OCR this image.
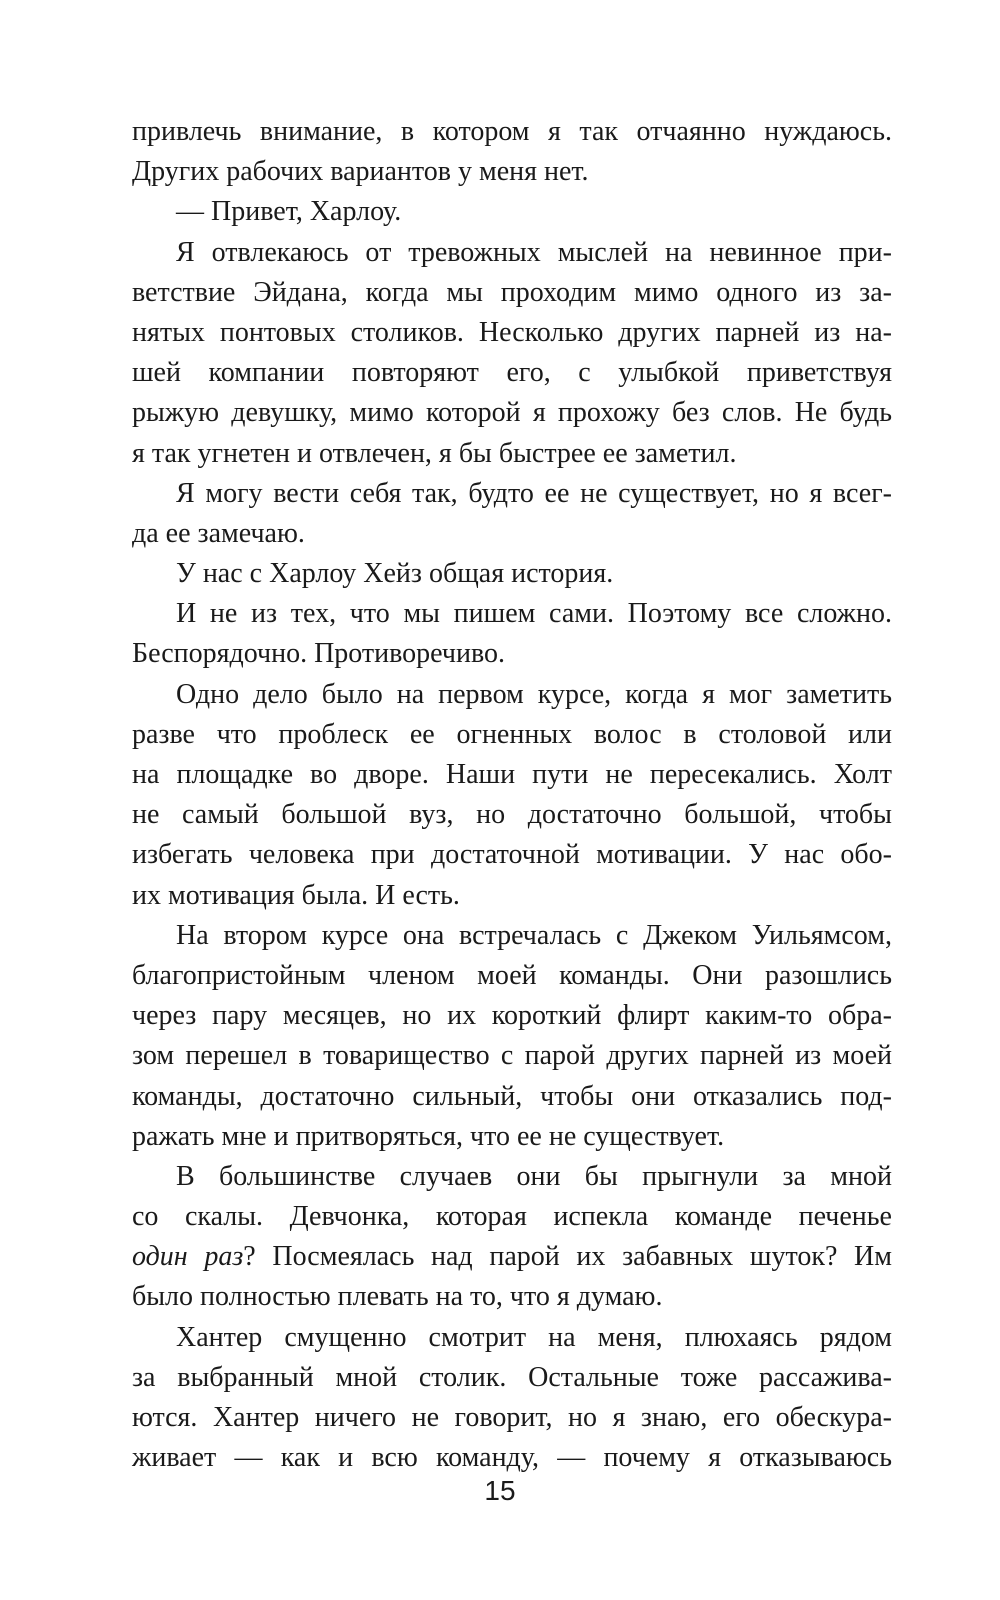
привлечь внимание, в котором я так отчаянно нуждаюсь.
Других рабочих вариантов у меня нет.
— Привет, Харлоу.
Я отвлекаюсь от тревожных мыслей на невинное при-
ветствие Эйдана, когда мы проходим мимо одного из за-
нятых понтовых столиков. Несколько других парней из на-
шей компании повторяют его, с улыбкой приветствуя
рыжую девушку, мимо которой я прохожу без слов. Не будь
я так угнетен и отвлечен, я бы быстрее ее заметил.
Я могу вести себя так, будто ее не существует, но я всег-
да ее замечаю.
У нас с Харлоу Хейз общая история.
И не из тех, что мы пишем сами. Поэтому все сложно.
Беспорядочно. Противоречиво.
Одно дело было на первом курсе, когда я мог заметить
разве что проблеск ее огненных волос в столовой или
на площадке во дворе. Наши пути не пересекались. Холт
не самый большой вуз, но достаточно большой, чтобы
избегать человека при достаточной мотивации. У нас обо-
их мотивация была. И есть.
На втором курсе она встречалась с Джеком Уильямсом,
благопристойным членом моей команды. Они разошлись
через пару месяцев, но их короткий флирт каким-то обра-
зом перешел в товарищество с парой других парней из моей
команды, достаточно сильный, чтобы они отказались под-
ражать мне и притворяться, что ее не существует.
В большинстве случаев они бы прыгнули за мной
со скалы. Девчонка, которая испекла команде печенье
один раз? Посмеялась над парой их забавных шуток? Им
было полностью плевать на то, что я думаю.
Хантер смущенно смотрит на меня, плюхаясь рядом
за выбранный мной столик. Остальные тоже рассажива-
ются. Хантер ничего не говорит, но я знаю, его обескура-
живает — как и всю команду, — почему я отказываюсь
15
